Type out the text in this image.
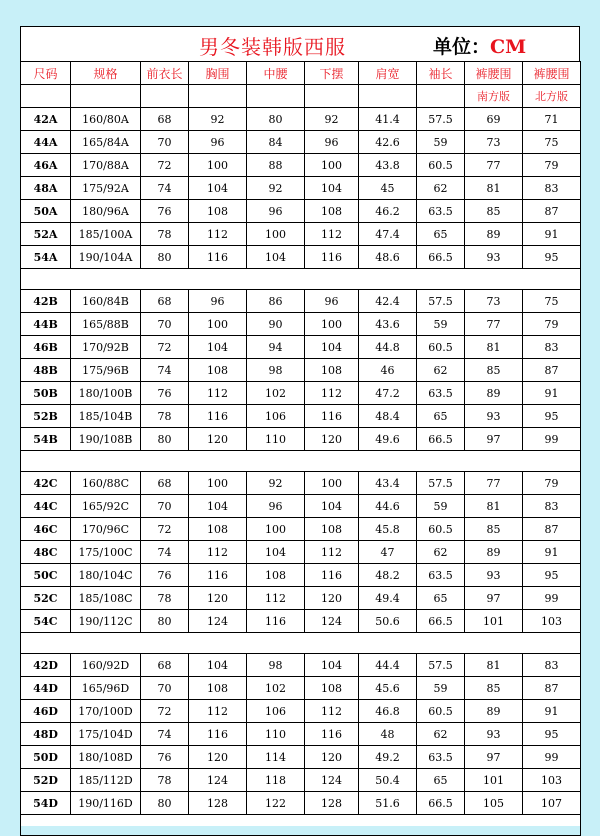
男冬装韩版西服	单位：CM
尺码	规格	前衣长	胸围	中腰	下摆	肩宽	袖长	裤腰围	裤腰围
								南方版	北方版
42A	160/80A	68	92	80	92	41.4	57.5	69	71
44A	165/84A	70	96	84	96	42.6	59	73	75
46A	170/88A	72	100	88	100	43.8	60.5	77	79
48A	175/92A	74	104	92	104	45	62	81	83
50A	180/96A	76	108	96	108	46.2	63.5	85	87
52A	185/100A	78	112	100	112	47.4	65	89	91
54A	190/104A	80	116	104	116	48.6	66.5	93	95

42B	160/84B	68	96	86	96	42.4	57.5	73	75
44B	165/88B	70	100	90	100	43.6	59	77	79
46B	170/92B	72	104	94	104	44.8	60.5	81	83
48B	175/96B	74	108	98	108	46	62	85	87
50B	180/100B	76	112	102	112	47.2	63.5	89	91
52B	185/104B	78	116	106	116	48.4	65	93	95
54B	190/108B	80	120	110	120	49.6	66.5	97	99

42C	160/88C	68	100	92	100	43.4	57.5	77	79
44C	165/92C	70	104	96	104	44.6	59	81	83
46C	170/96C	72	108	100	108	45.8	60.5	85	87
48C	175/100C	74	112	104	112	47	62	89	91
50C	180/104C	76	116	108	116	48.2	63.5	93	95
52C	185/108C	78	120	112	120	49.4	65	97	99
54C	190/112C	80	124	116	124	50.6	66.5	101	103

42D	160/92D	68	104	98	104	44.4	57.5	81	83
44D	165/96D	70	108	102	108	45.6	59	85	87
46D	170/100D	72	112	106	112	46.8	60.5	89	91
48D	175/104D	74	116	110	116	48	62	93	95
50D	180/108D	76	120	114	120	49.2	63.5	97	99
52D	185/112D	78	124	118	124	50.4	65	101	103
54D	190/116D	80	128	122	128	51.6	66.5	105	107
